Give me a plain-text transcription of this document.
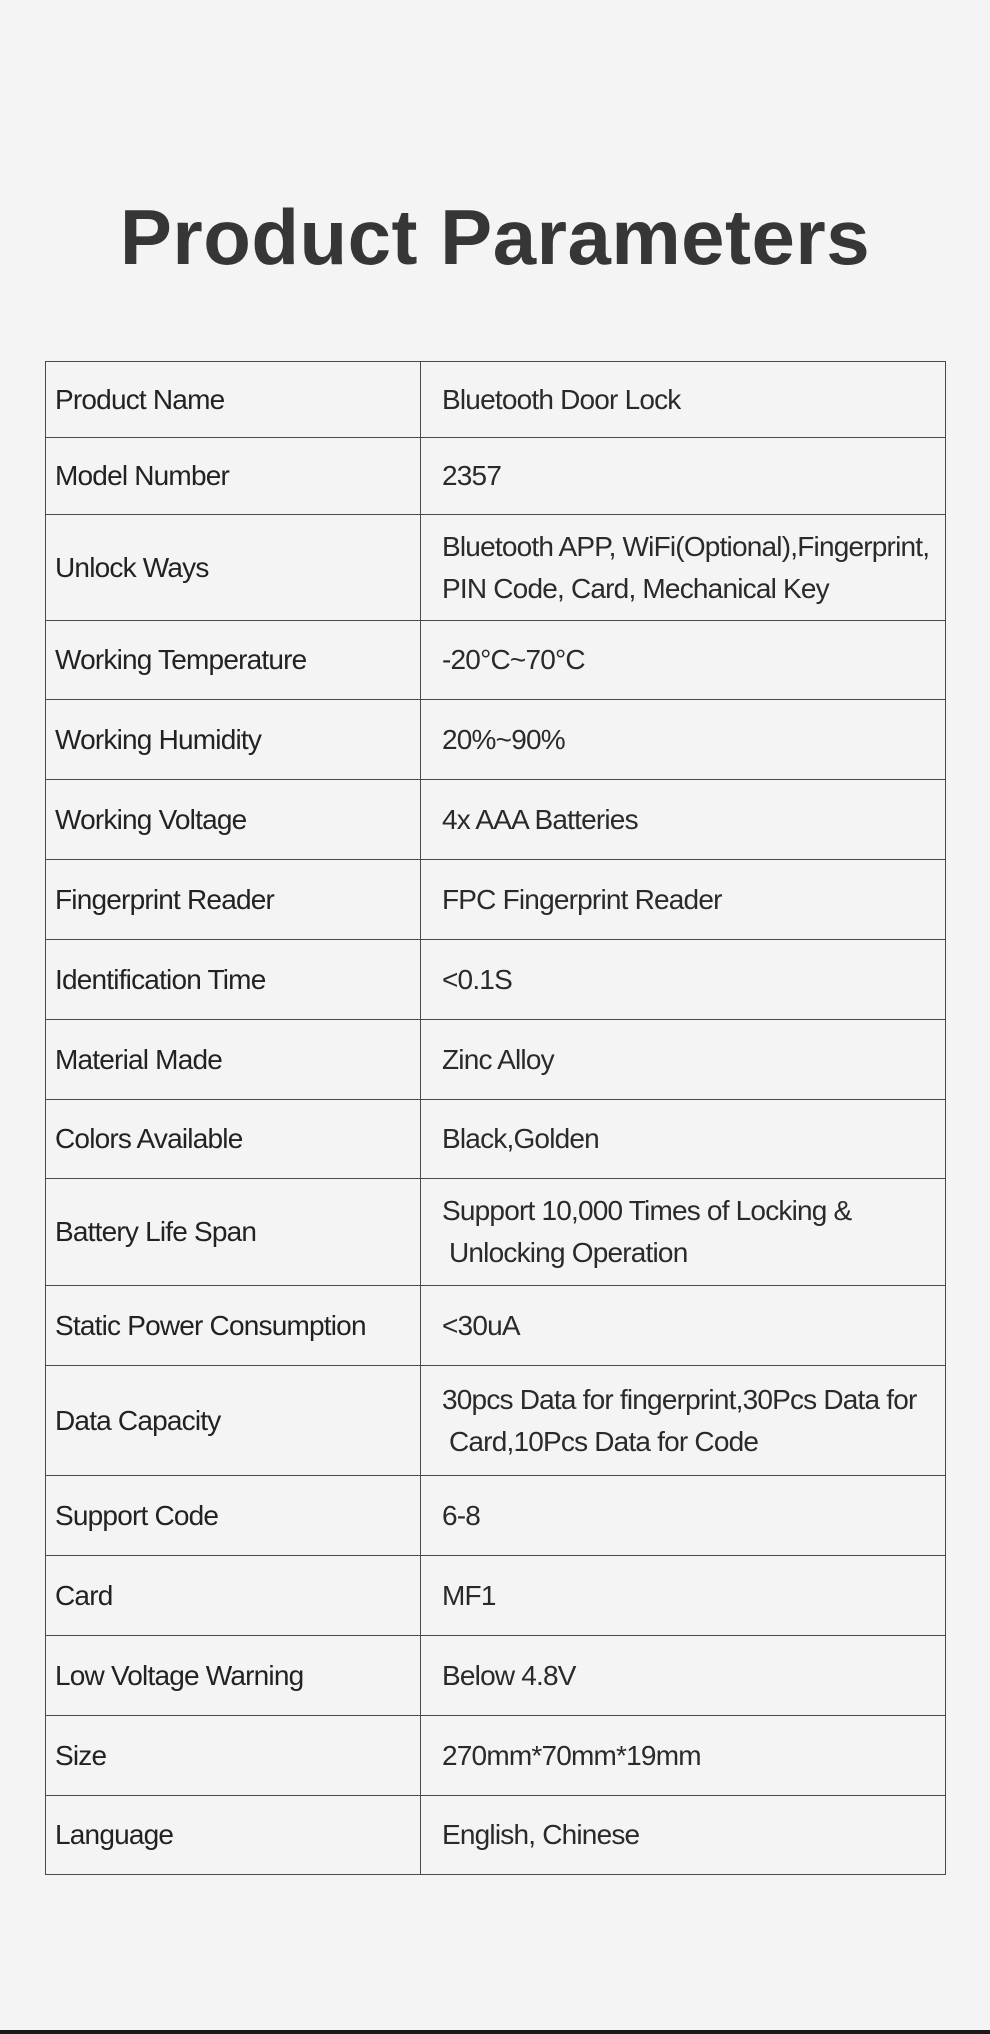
Product Parameters
Product Name	Bluetooth Door Lock

Model Number	2357

Unlock Ways	Bluetooth APP, WiFi(Optional),Fingerprint,
PIN Code, Card, Mechanical Key

Working Temperature	-20°C~70°C

Working Humidity	20%~90%

Working Voltage	4x AAA Batteries

Fingerprint Reader	FPC Fingerprint Reader

Identification Time	<0.1S

Material Made	Zinc Alloy

Colors Available	Black,Golden

Battery Life Span	Support 10,000 Times of Locking &
Unlocking Operation

Static Power Consumption	<30uA

Data Capacity	30pcs Data for fingerprint,30Pcs Data for
Card,10Pcs Data for Code

Support Code	6-8

Card	MF1

Low Voltage Warning	Below 4.8V

Size	270mm*70mm*19mm

Language	English, Chinese
